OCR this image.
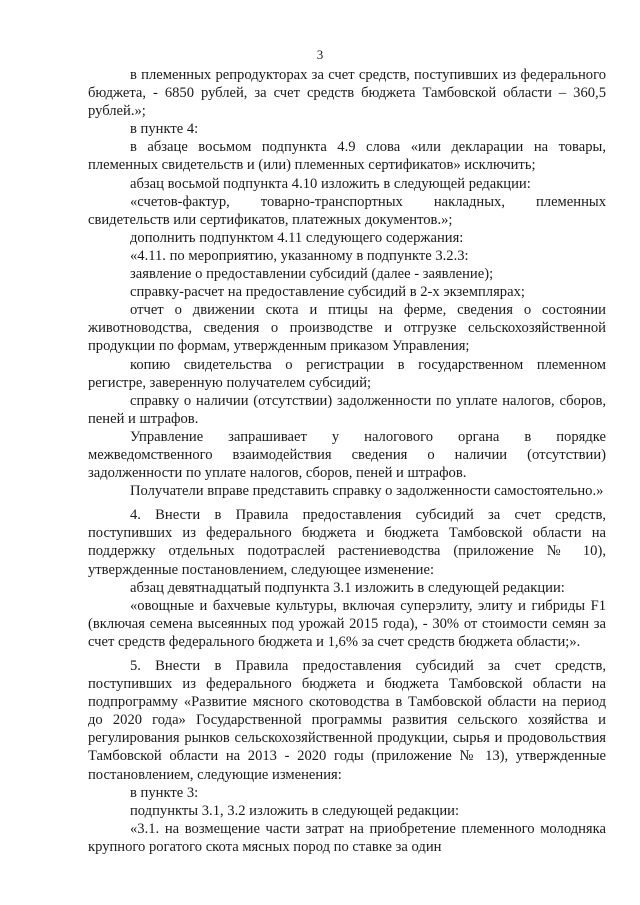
3

в племенных репродукторах за счет средств, поступивших из федерального бюджета, - 6850 рублей, за счет средств бюджета Тамбовской области – 360,5 рублей.»;

в пункте 4:

в абзаце восьмом подпункта 4.9 слова «или декларации на товары, племенных свидетельств и (или) племенных сертификатов» исключить;

абзац восьмой подпункта 4.10 изложить в следующей редакции:

«счетов-фактур, товарно-транспортных накладных, племенных свидетельств или сертификатов, платежных документов.»;

дополнить подпунктом 4.11 следующего содержания:

«4.11. по мероприятию, указанному в подпункте 3.2.3:

заявление о предоставлении субсидий (далее - заявление);

справку-расчет на предоставление субсидий в 2-х экземплярах;

отчет о движении скота и птицы на ферме, сведения о состоянии животноводства, сведения о производстве и отгрузке сельскохозяйственной продукции по формам, утвержденным приказом Управления;

копию свидетельства о регистрации в государственном племенном регистре, заверенную получателем субсидий;

справку о наличии (отсутствии) задолженности по уплате налогов, сборов, пеней и штрафов.

Управление запрашивает у налогового органа в порядке межведомственного взаимодействия сведения о наличии (отсутствии) задолженности по уплате налогов, сборов, пеней и штрафов.

Получатели вправе представить справку о задолженности самостоятельно.»

4. Внести в Правила предоставления субсидий за счет средств, поступивших из федерального бюджета и бюджета Тамбовской области на поддержку отдельных подотраслей растениеводства (приложение № 10), утвержденные постановлением, следующее изменение:

абзац девятнадцатый подпункта 3.1 изложить в следующей редакции:

«овощные и бахчевые культуры, включая суперэлиту, элиту и гибриды F1 (включая семена высеянных под урожай 2015 года), - 30% от стоимости семян за счет средств федерального бюджета и 1,6% за счет средств бюджета области;».

5. Внести в Правила предоставления субсидий за счет средств, поступивших из федерального бюджета и бюджета Тамбовской области на подпрограмму «Развитие мясного скотоводства в Тамбовской области на период до 2020 года» Государственной программы развития сельского хозяйства и регулирования рынков сельскохозяйственной продукции, сырья и продовольствия Тамбовской области на 2013 - 2020 годы (приложение № 13), утвержденные постановлением, следующие изменения:

в пункте 3:

подпункты 3.1, 3.2 изложить в следующей редакции:

«3.1. на возмещение части затрат на приобретение племенного молодняка крупного рогатого скота мясных пород по ставке за один
